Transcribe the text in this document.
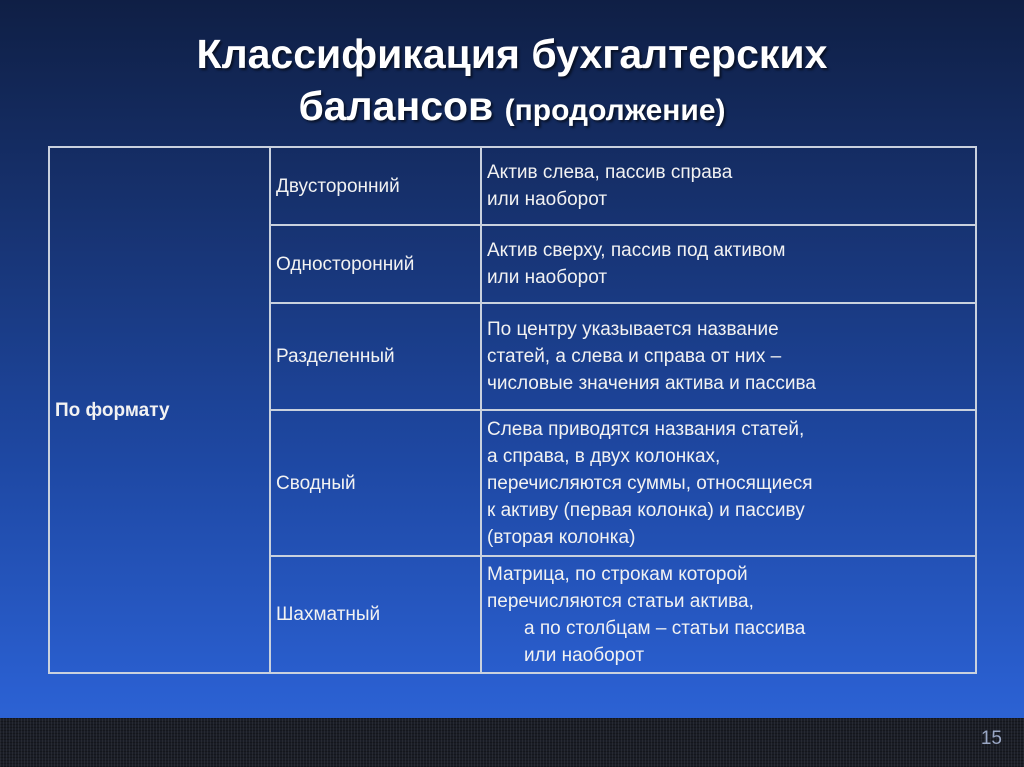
Классификация бухгалтерских
балансов (продолжение)
По формату	Двусторонний	Актив слева, пассив справа
или наоборот

	Односторонний	Актив сверху, пассив под активом
или наоборот

	Разделенный	По центру указывается название
статей, а слева и справа от них –
числовые значения актива и пассива

	Сводный	Слева приводятся названия статей,
а справа, в двух колонках,
перечисляются суммы, относящиеся
к активу (первая колонка) и пассиву
(вторая колонка)

	Шахматный	Матрица, по строкам которой
перечисляются статьи актива,
а по столбцам – статьи пассива
или наоборот
15
